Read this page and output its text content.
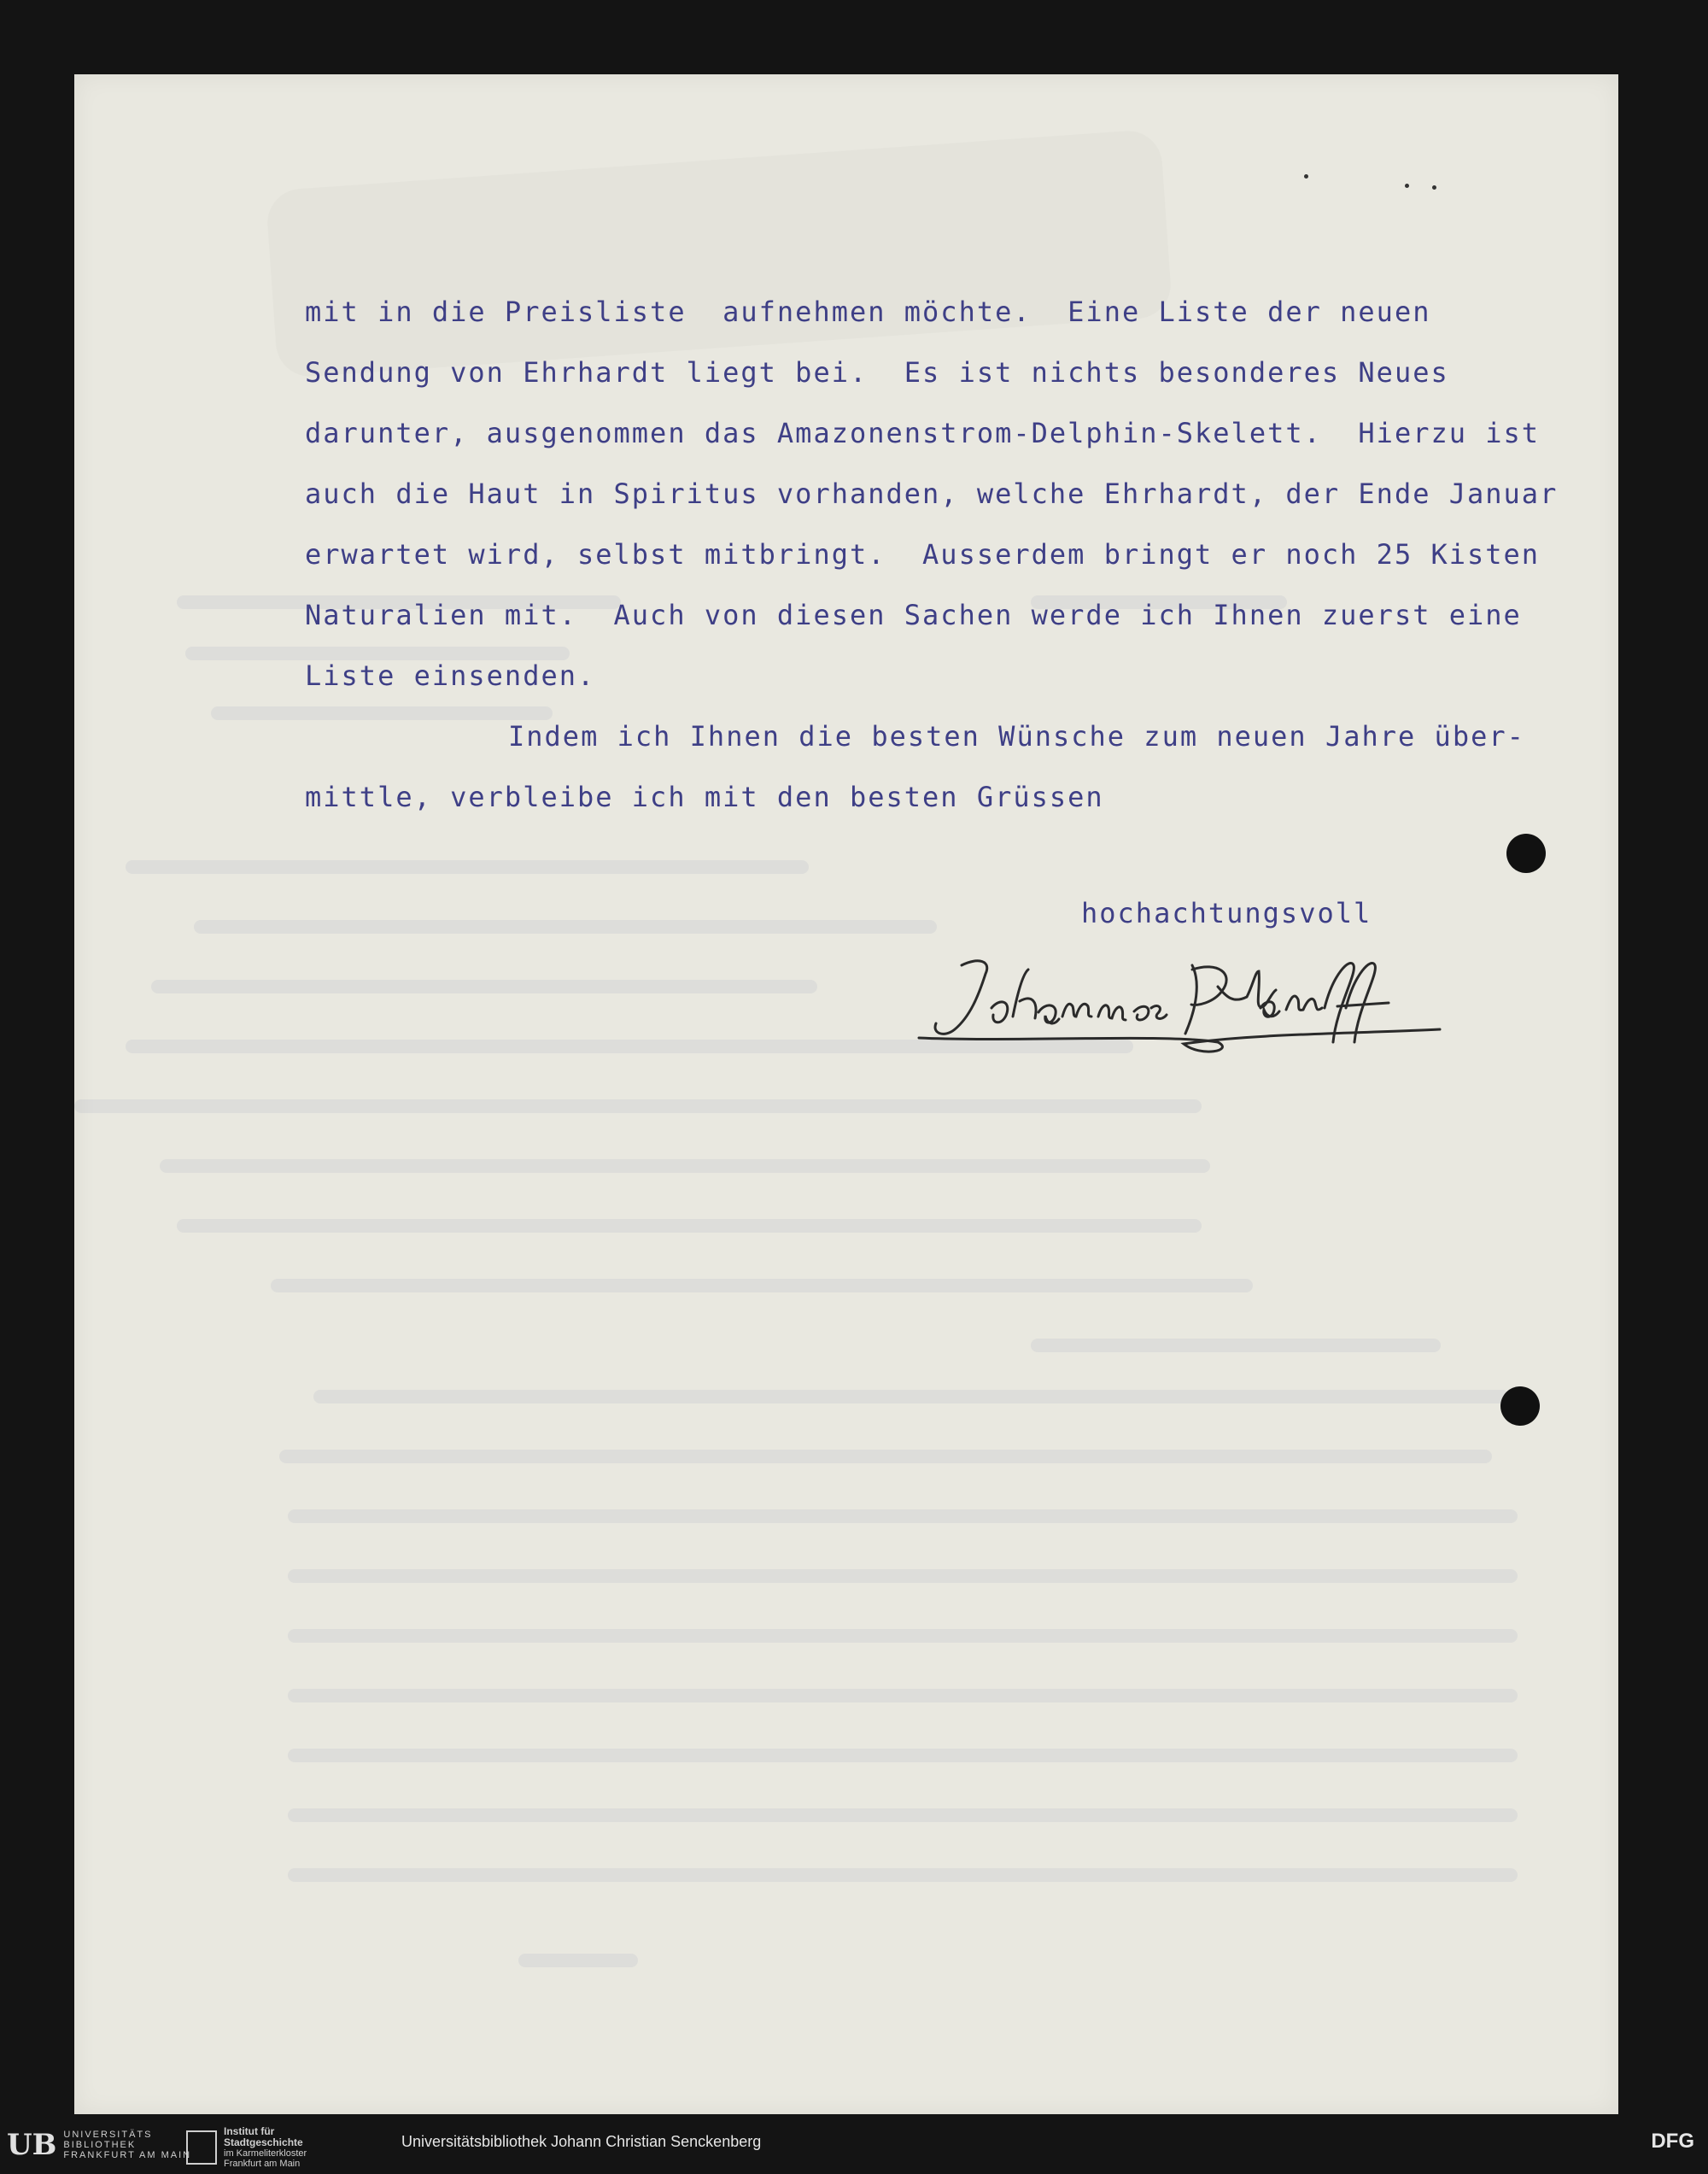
mit in die Preisliste  aufnehmen möchte.  Eine Liste der neuen
Sendung von Ehrhardt liegt bei.  Es ist nichts besonderes Neues
darunter, ausgenommen das Amazonenstrom-Delphin-Skelett.  Hierzu ist
auch die Haut in Spiritus vorhanden, welche Ehrhardt, der Ende Januar
erwartet wird, selbst mitbringt.  Ausserdem bringt er noch 25 Kisten
Naturalien mit.  Auch von diesen Sachen werde ich Ihnen zuerst eine
Liste einsenden.
Indem ich Ihnen die besten Wünsche zum neuen Jahre über-
mittle, verbleibe ich mit den besten Grüssen
hochachtungsvoll
UB UNIVERSITÄTS
BIBLIOTHEK
FRANKFURT AM MAIN
Institut für
Stadtgeschichte
im Karmeliterkloster
Frankfurt am Main
Universitätsbibliothek Johann Christian Senckenberg	DFG
